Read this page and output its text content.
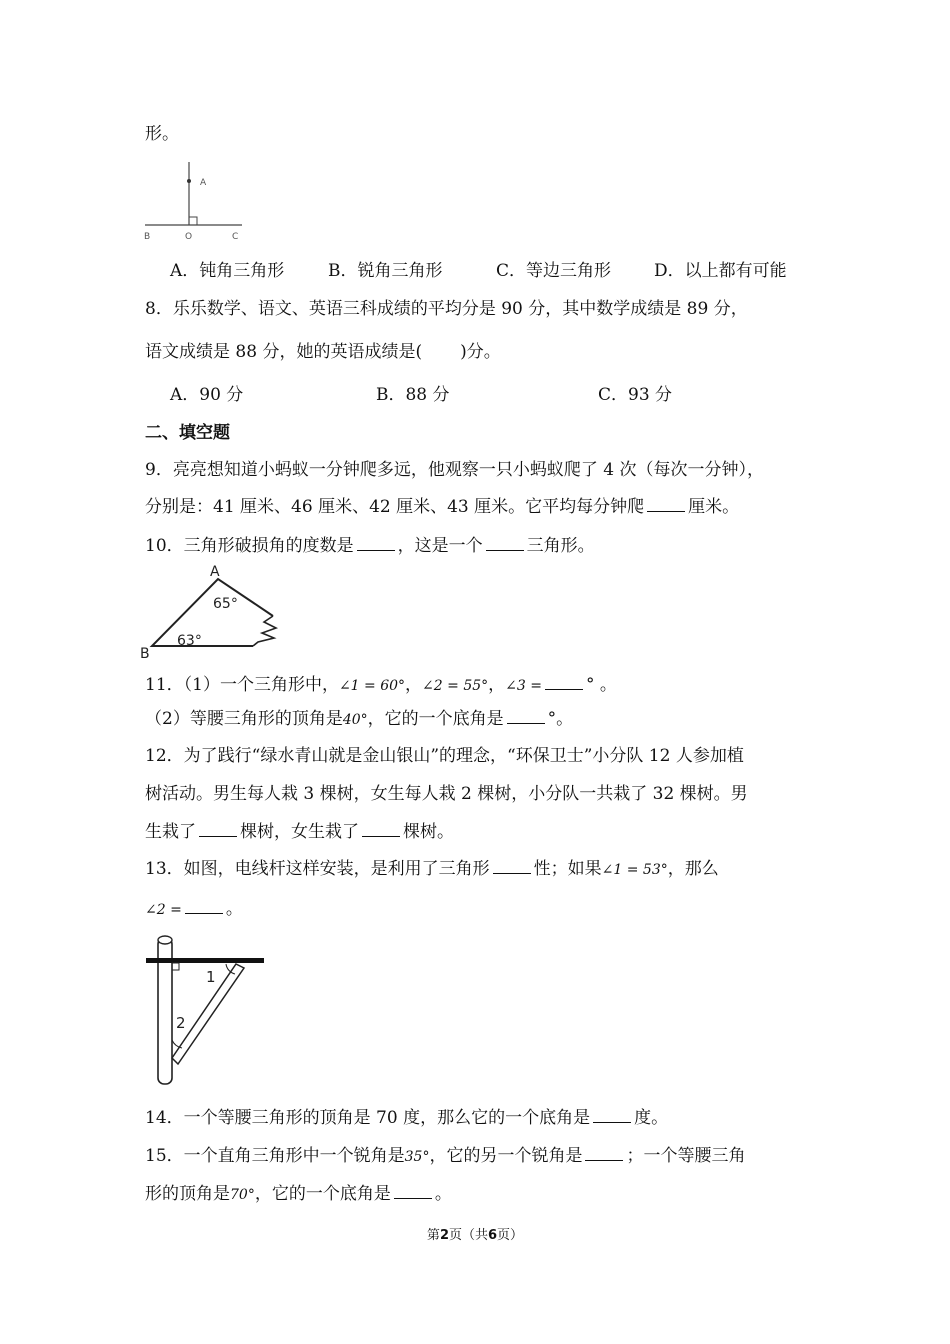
形。
A
B	O	C
A．钝角三角形	B．锐角三角形	C．等边三角形	D．以上都有可能
8．乐乐数学、语文、英语三科成绩的平均分是 90 分，其中数学成绩是 89 分，
语文成绩是 88 分，她的英语成绩是( )分。
A．90 分	B．88 分	C．93 分
二、填空题
9．亮亮想知道小蚂蚁一分钟爬多远，他观察一只小蚂蚁爬了 4 次（每次一分钟），
分别是：41 厘米、46 厘米、42 厘米、43 厘米。它平均每分钟爬	厘米。
10．三角形破损角的度数是	，这是一个	三角形。
A
B
65°
63°
11．（1）一个三角形中，∠1 = 60°，∠2 = 55°，∠3 =	° 。
（2）等腰三角形的顶角是40°，它的一个底角是	°。
12．为了践行“绿水青山就是金山银山”的理念，“环保卫士”小分队 12 人参加植
树活动。男生每人栽 3 棵树，女生每人栽 2 棵树，小分队一共栽了 32 棵树。男
生栽了	棵树，女生栽了	棵树。
13．如图，电线杆这样安装，是利用了三角形	性；如果∠1 = 53°，那么
∠2 =	。
1
2
14．一个等腰三角形的顶角是 70 度，那么它的一个底角是	度。
15．一个直角三角形中一个锐角是35°，它的另一个锐角是	；一个等腰三角
形的顶角是70°，它的一个底角是	。
第2页（共6页）
